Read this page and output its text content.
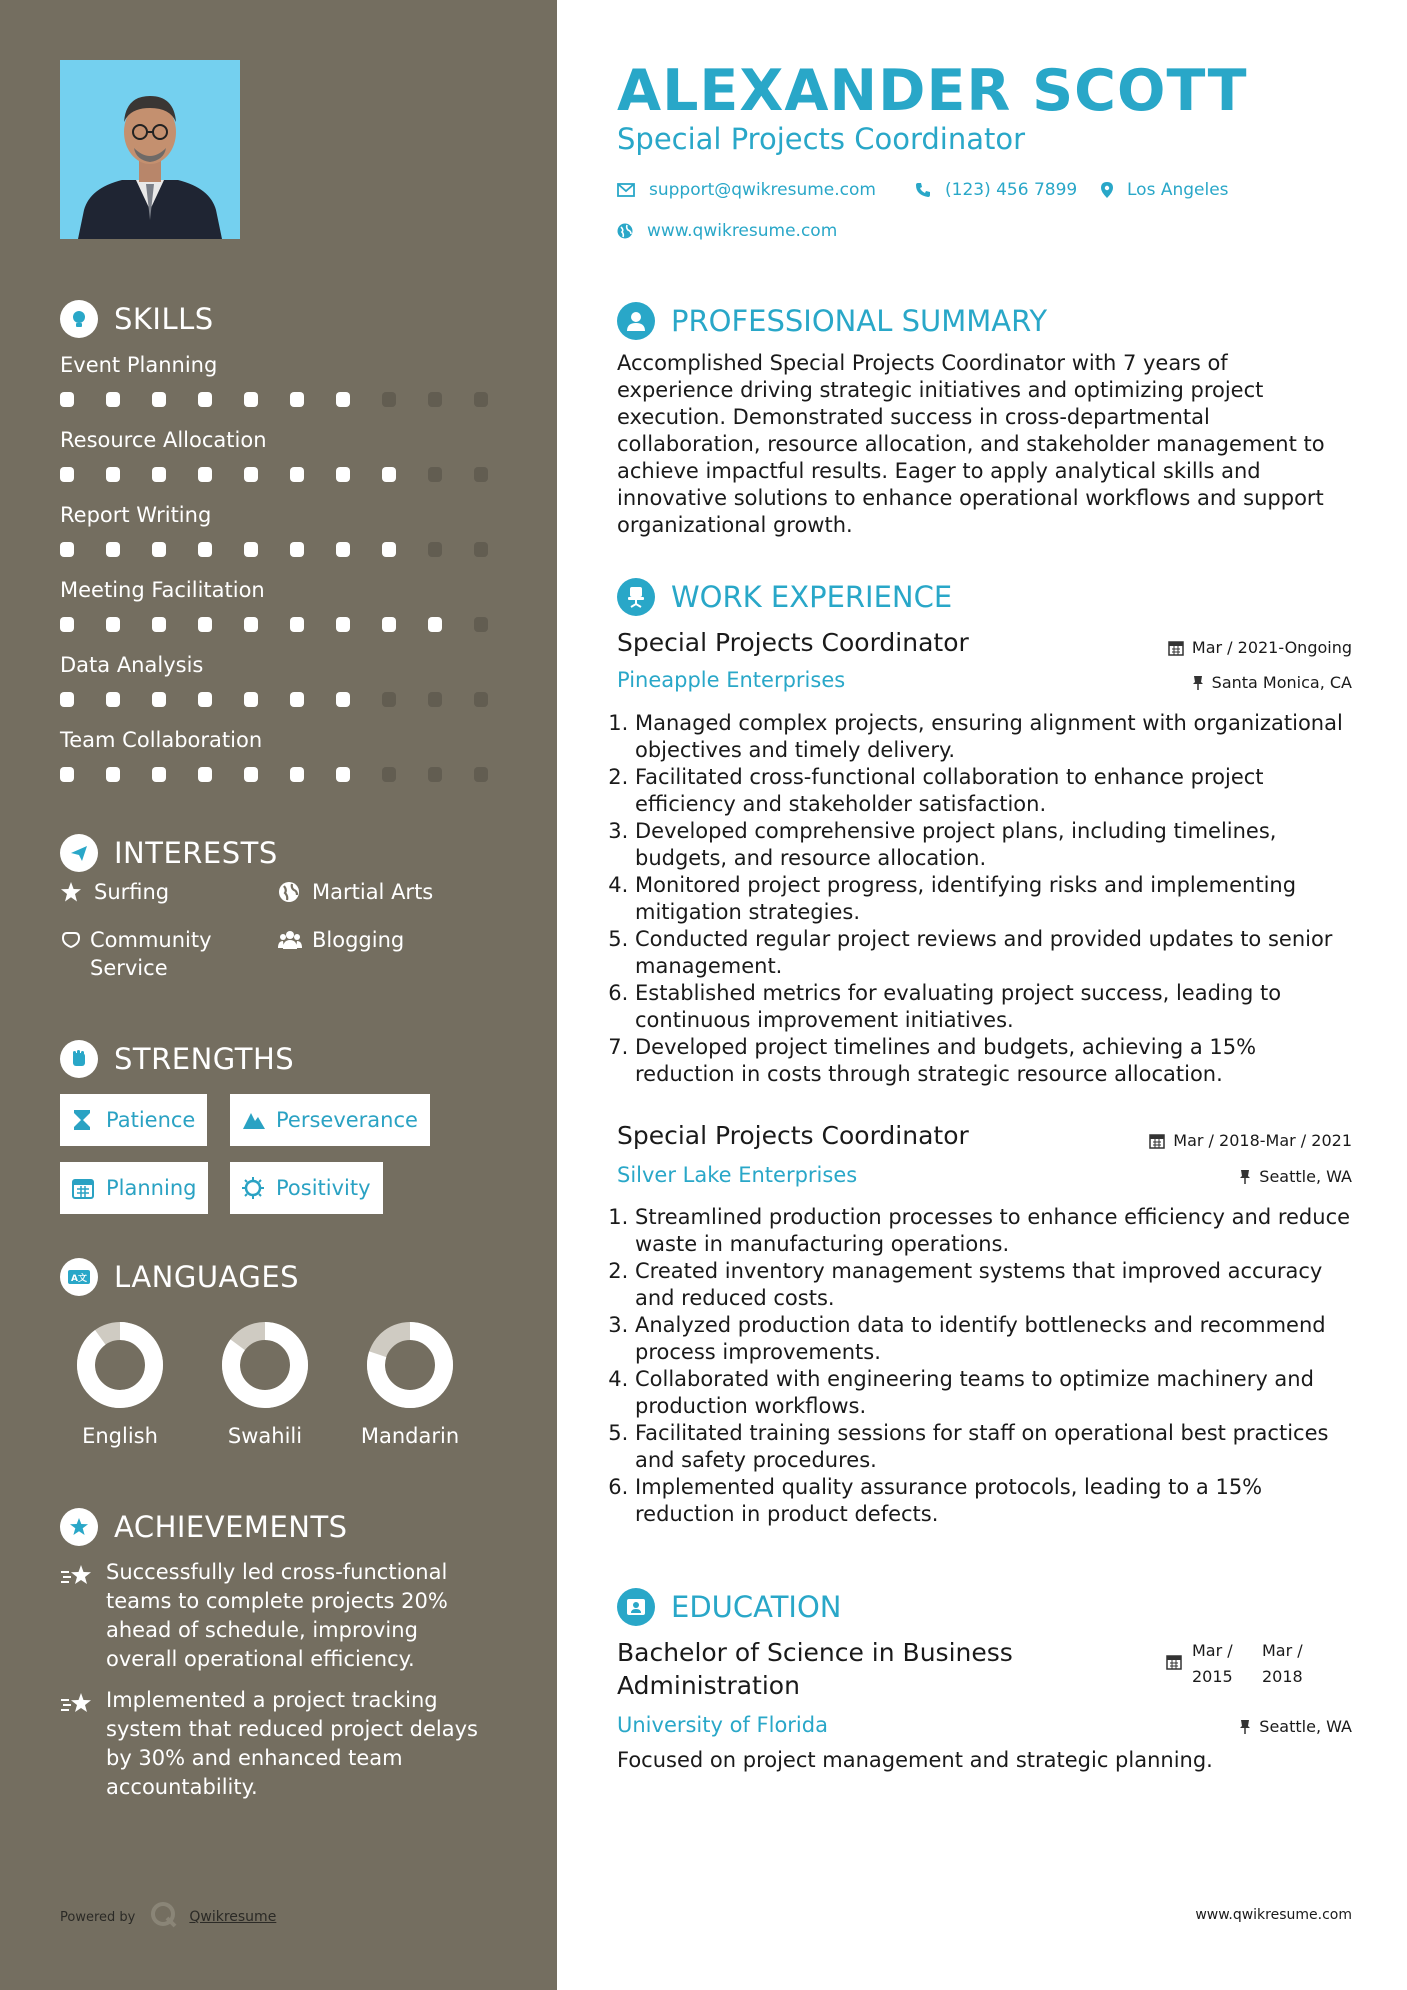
SKILLS
Event Planning
Resource Allocation
Report Writing
Meeting Facilitation
Data Analysis
Team Collaboration
INTERESTS
Surfing	Martial Arts
Community Service
Blogging
STRENGTHS
Patience	Perseverance
Planning	Positivity
A文 LANGUAGES
English	Swahili	Mandarin
ACHIEVEMENTS
Successfully led cross-functional teams to complete projects 20% ahead of schedule, improving overall operational efficiency.
Implemented a project tracking system that reduced project delays by 30% and enhanced team accountability.
Powered by	Qwikresume
ALEXANDER SCOTT
Special Projects Coordinator
support@qwikresume.com	(123) 456 7899	Los Angeles
www.qwikresume.com
PROFESSIONAL SUMMARY
Accomplished Special Projects Coordinator with 7 years of experience driving strategic initiatives and optimizing project execution. Demonstrated success in cross-departmental collaboration, resource allocation, and stakeholder management to achieve impactful results. Eager to apply analytical skills and innovative solutions to enhance operational workflows and support organizational growth.
WORK EXPERIENCE
Special Projects Coordinator	Mar / 2021-Ongoing
Pineapple Enterprises	Santa Monica, CA
1. Managed complex projects, ensuring alignment with organizational objectives and timely delivery.
2. Facilitated cross-functional collaboration to enhance project efficiency and stakeholder satisfaction.
3. Developed comprehensive project plans, including timelines, budgets, and resource allocation.
4. Monitored project progress, identifying risks and implementing mitigation strategies.
5. Conducted regular project reviews and provided updates to senior management.
6. Established metrics for evaluating project success, leading to continuous improvement initiatives.
7. Developed project timelines and budgets, achieving a 15% reduction in costs through strategic resource allocation.
Special Projects Coordinator	Mar / 2018-Mar / 2021
Silver Lake Enterprises	Seattle, WA
1. Streamlined production processes to enhance efficiency and reduce waste in manufacturing operations.
2. Created inventory management systems that improved accuracy and reduced costs.
3. Analyzed production data to identify bottlenecks and recommend process improvements.
4. Collaborated with engineering teams to optimize machinery and production workflows.
5. Facilitated training sessions for staff on operational best practices and safety procedures.
6. Implemented quality assurance protocols, leading to a 15% reduction in product defects.
EDUCATION
Bachelor of Science in Business Administration
Mar /
2015
Mar /
2018
University of Florida	Seattle, WA
Focused on project management and strategic planning.
www.qwikresume.com
